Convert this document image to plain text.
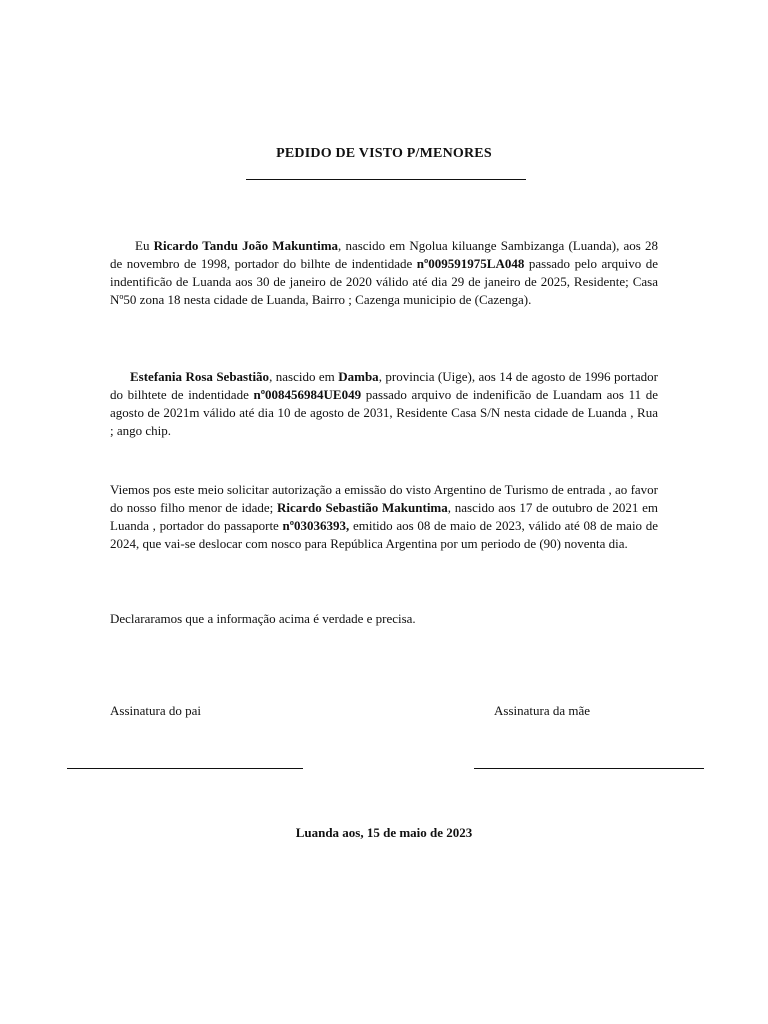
PEDIDO DE VISTO P/MENORES

Eu Ricardo Tandu João Makuntima, nascido em Ngolua kiluange Sambizanga (Luanda), aos 28 de novembro de 1998, portador do bilhte de indentidade nº009591975LA048 passado pelo arquivo de indentificão de Luanda aos 30 de janeiro de 2020 válido até dia 29 de janeiro de 2025, Residente; Casa Nº50 zona 18 nesta cidade de Luanda, Bairro ; Cazenga municipio de (Cazenga).

Estefania Rosa Sebastião, nascido em Damba, provincia (Uige), aos 14 de agosto de 1996 portador do bilhtete de indentidade nº008456984UE049 passado arquivo de indenificão de Luandam aos 11 de agosto de 2021m válido até dia 10 de agosto de 2031, Residente Casa S/N nesta cidade de Luanda , Rua ; ango chip.

Viemos pos este meio solicitar autorização a emissão do visto Argentino de Turismo de entrada , ao favor do nosso filho menor de idade; Ricardo Sebastião Makuntima, nascido aos 17 de outubro de 2021 em Luanda , portador do passaporte nº03036393, emitido aos 08 de maio de 2023, válido até 08 de maio de 2024, que vai-se deslocar com nosco para República Argentina por um periodo de (90) noventa dia.

Declararamos que a informação acima é verdade e precisa.

Assinatura do pai	Assinatura da mãe
Luanda aos, 15 de maio de 2023
